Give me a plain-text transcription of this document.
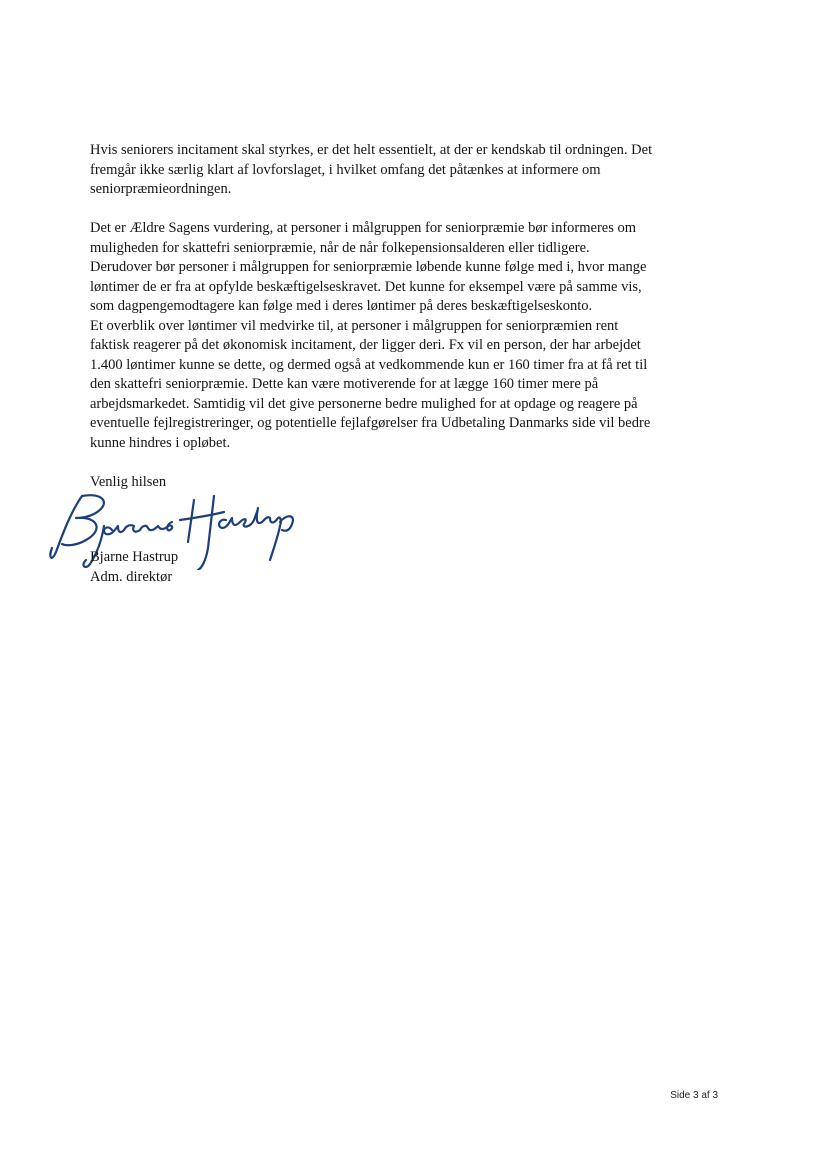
Hvis seniorers incitament skal styrkes, er det helt essentielt, at der er kendskab til ordningen. Det
fremgår ikke særlig klart af lovforslaget, i hvilket omfang det påtænkes at informere om
seniorpræmieordningen.

Det er Ældre Sagens vurdering, at personer i målgruppen for seniorpræmie bør informeres om
muligheden for skattefri seniorpræmie, når de når folkepensionsalderen eller tidligere.
Derudover bør personer i målgruppen for seniorpræmie løbende kunne følge med i, hvor mange
løntimer de er fra at opfylde beskæftigelseskravet. Det kunne for eksempel være på samme vis,
som dagpengemodtagere kan følge med i deres løntimer på deres beskæftigelseskonto.
Et overblik over løntimer vil medvirke til, at personer i målgruppen for seniorpræmien rent
faktisk reagerer på det økonomisk incitament, der ligger deri. Fx vil en person, der har arbejdet
1.400 løntimer kunne se dette, og dermed også at vedkommende kun er 160 timer fra at få ret til
den skattefri seniorpræmie. Dette kan være motiverende for at lægge 160 timer mere på
arbejdsmarkedet. Samtidig vil det give personerne bedre mulighed for at opdage og reagere på
eventuelle fejlregistreringer, og potentielle fejlafgørelser fra Udbetaling Danmarks side vil bedre
kunne hindres i opløbet.

Venlig hilsen

Bjarne Hastrup

Adm. direktør

Side 3 af 3
